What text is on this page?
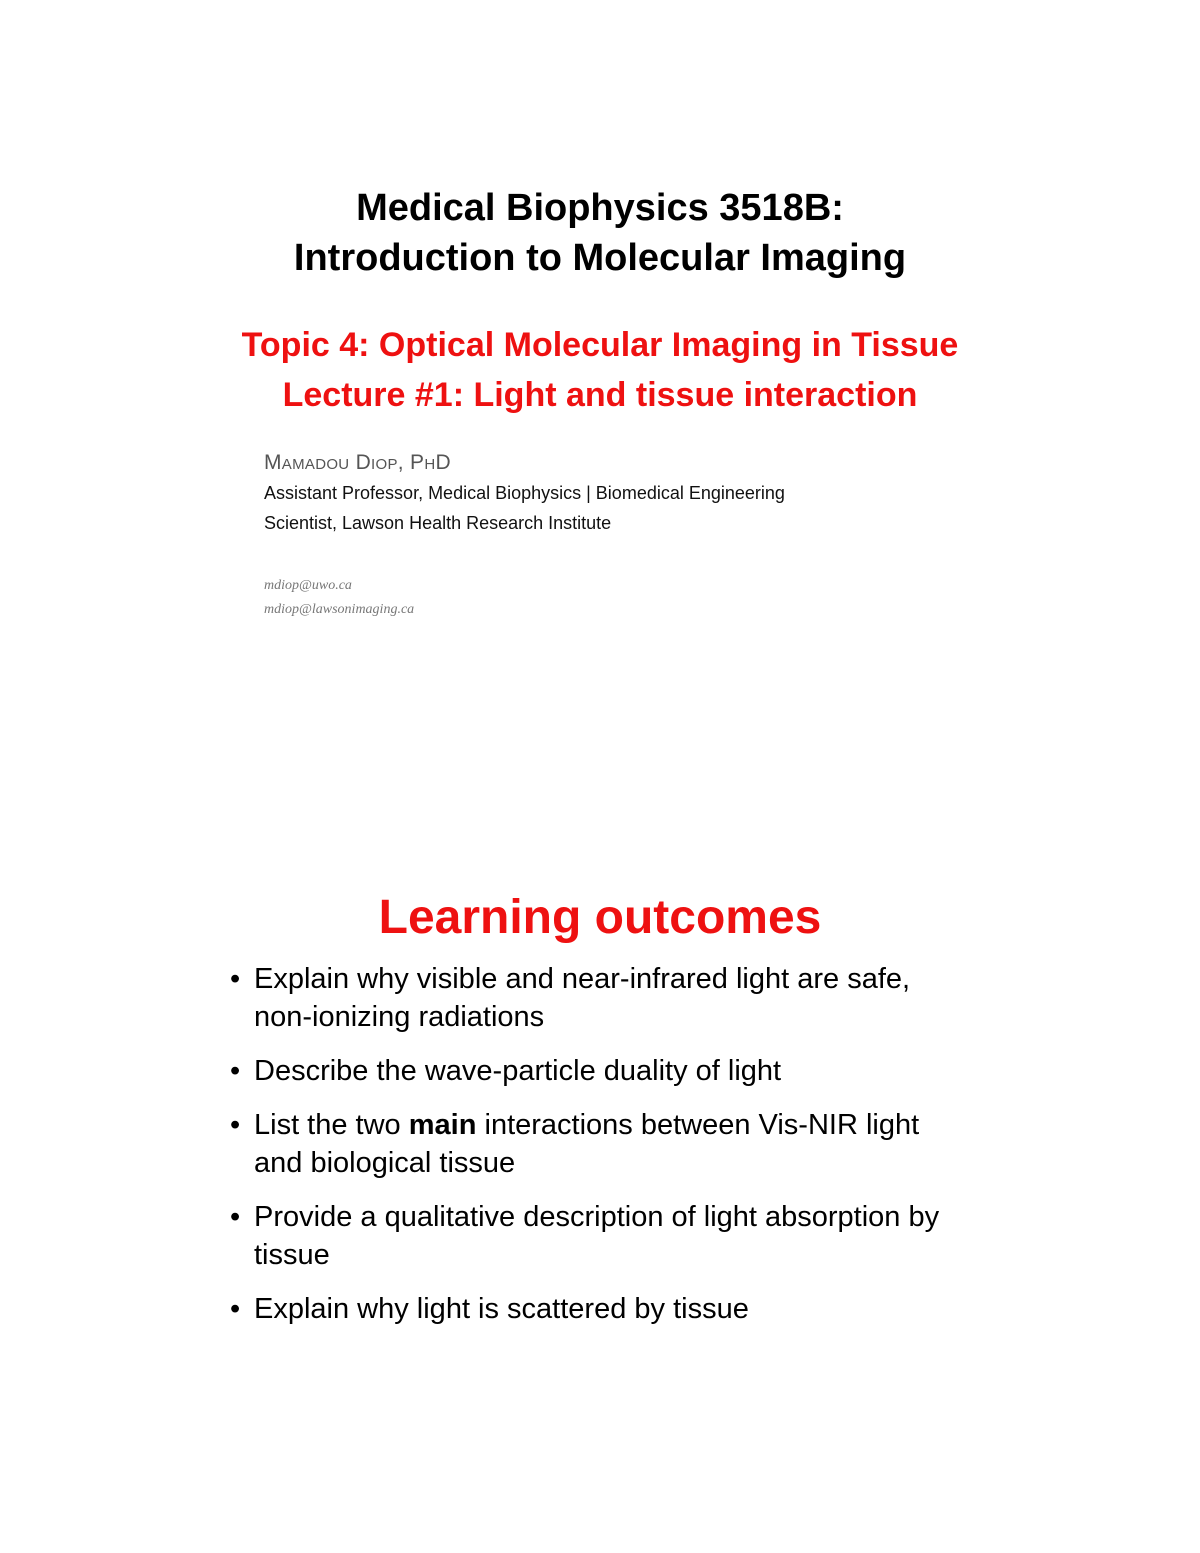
Medical Biophysics 3518B:
Introduction to Molecular Imaging
Topic 4: Optical Molecular Imaging in Tissue
Lecture #1: Light and tissue interaction
Mamadou Diop, PhD
Assistant Professor, Medical Biophysics | Biomedical Engineering
Scientist, Lawson Health Research Institute
mdiop@uwo.ca
mdiop@lawsonimaging.ca
Learning outcomes
• Explain why visible and near-infrared light are safe, non-ionizing radiations
• Describe the wave-particle duality of light
• List the two main interactions between Vis-NIR light and biological tissue
• Provide a qualitative description of light absorption by tissue
• Explain why light is scattered by tissue
